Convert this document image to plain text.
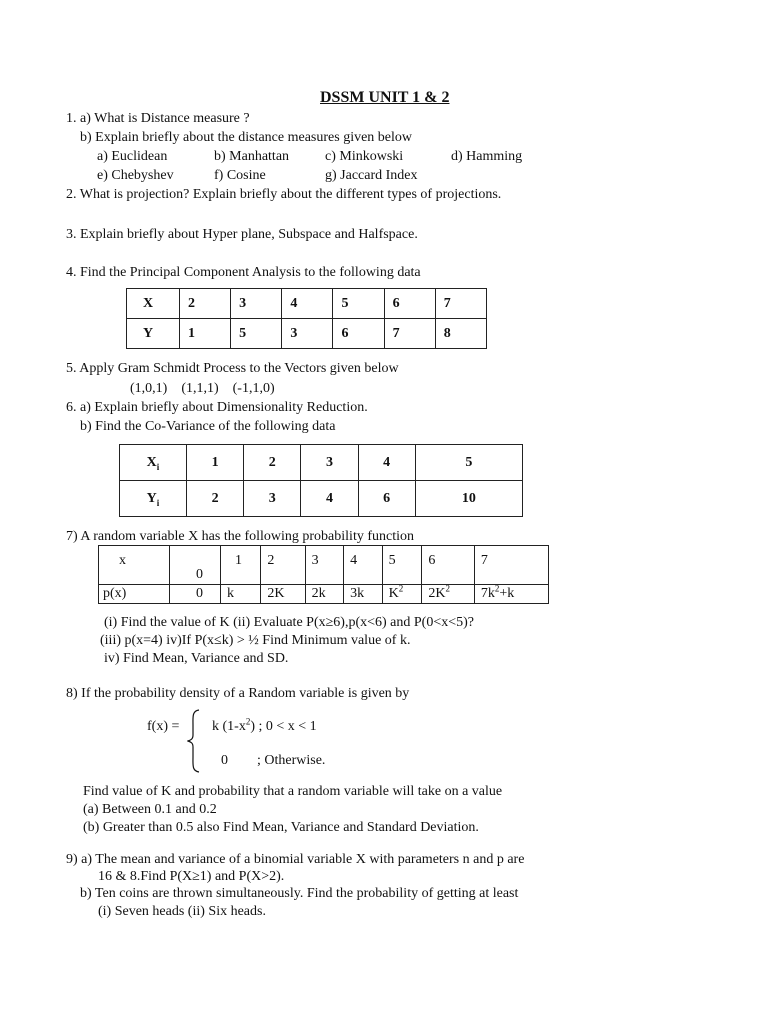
DSSM UNIT 1 & 2
1. a) What is Distance measure ?
b) Explain briefly about the distance measures given below
a) Euclidean	b) Manhattan	c) Minkowski	d) Hamming
e) Chebyshev	f) Cosine	g) Jaccard Index
2. What is projection? Explain briefly about the different types of projections.
3. Explain briefly about Hyper plane, Subspace and Halfspace.
4. Find the Principal Component Analysis to the following data
X	2	3	4	5	6	7
Y	1	5	3	6	7	8
5. Apply Gram Schmidt Process to the Vectors given below
(1,0,1)    (1,1,1)    (-1,1,0)
6. a) Explain briefly about Dimensionality Reduction.
b) Find the Co-Variance of the following data
$X_i$	1	2	3	4	5
$Y_i$	2	3	4	6	10
7) A random variable X has the following probability function
x	0	1	2	3	4	5	6	7
p(x)	0	k	2K	2k	3k	$K^2$	$2K^2$	$7k^2+k$
(i) Find the value of K (ii) Evaluate P(x≥6),p(x<6) and P(0<x<5)?
(iii) p(x=4) iv)If P(x≤k) > ½ Find Minimum value of k.
iv) Find Mean, Variance and SD.
8) If the probability density of a Random variable is given by
f(x) = k $(1-x^2)$ ; 0 < x < 1
0 ; Otherwise.
Find value of K and probability that a random variable will take on a value
(a) Between 0.1 and 0.2
(b) Greater than 0.5 also Find Mean, Variance and Standard Deviation.
9) a) The mean and variance of a binomial variable X with parameters n and p are
16 & 8.Find P(X≥1) and P(X>2).
b) Ten coins are thrown simultaneously. Find the probability of getting at least
(i) Seven heads (ii) Six heads.
